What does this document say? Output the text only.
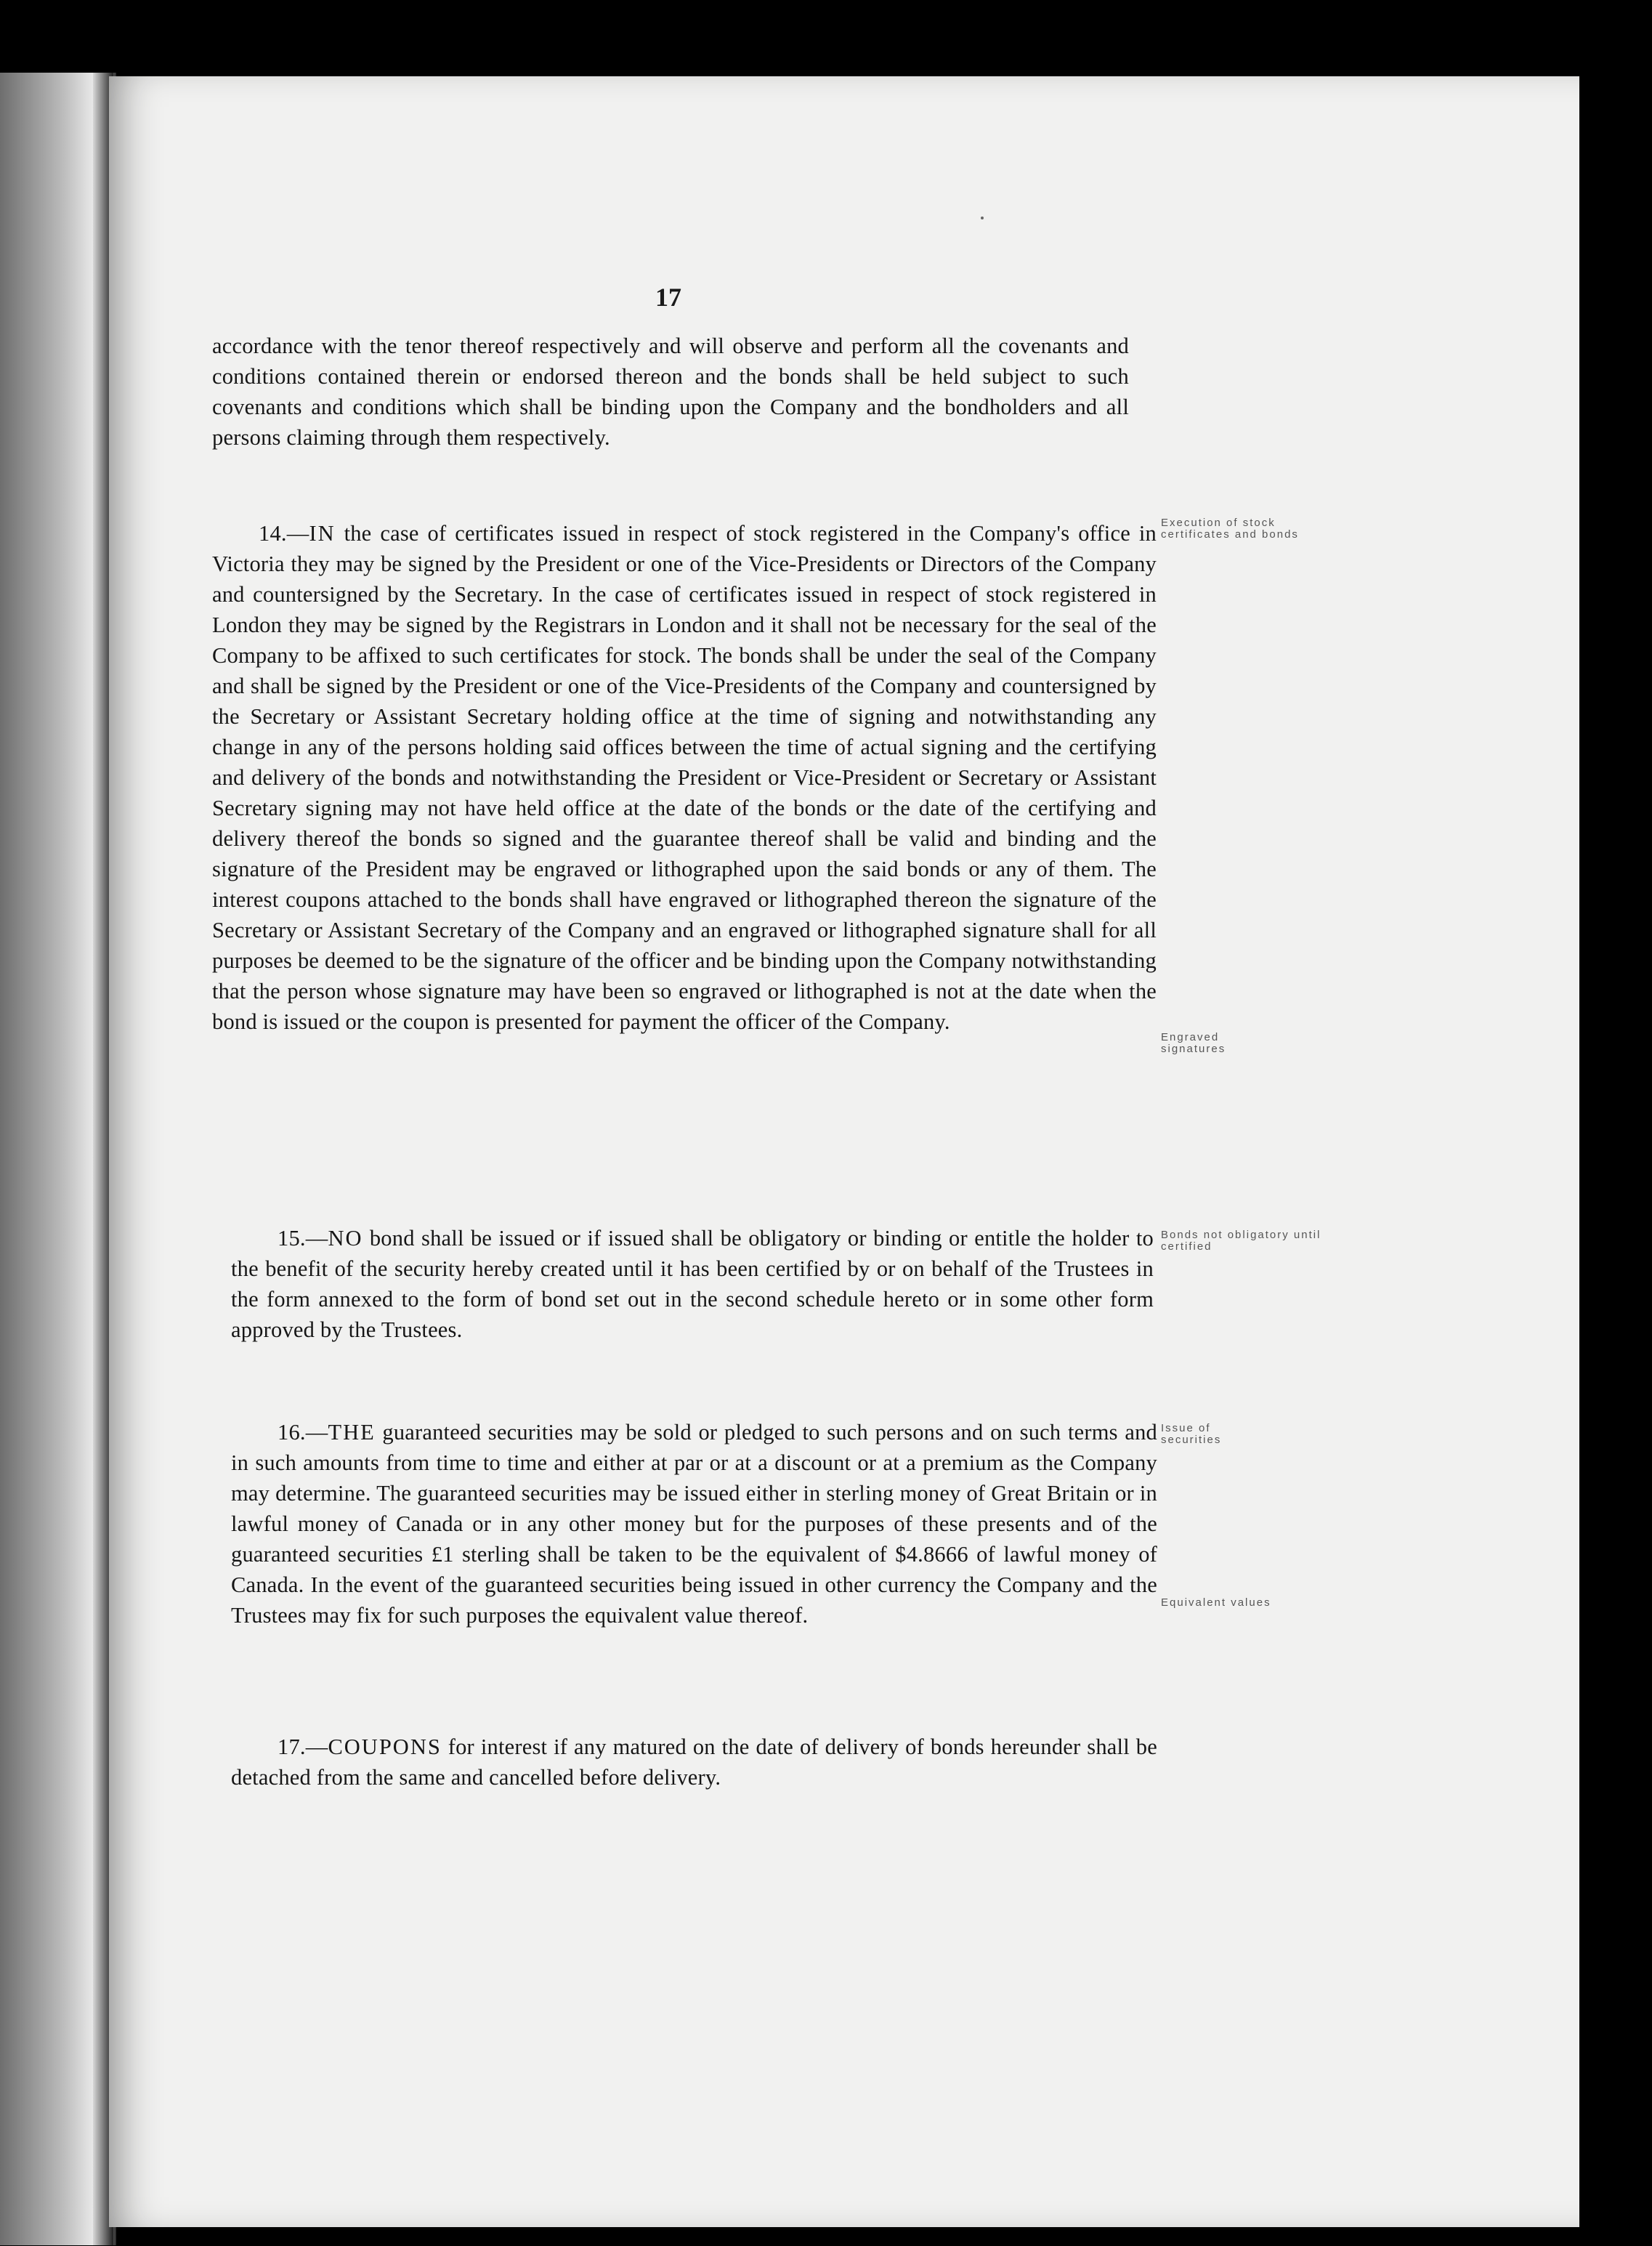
17
accordance with the tenor thereof respectively and will observe and perform all the covenants and conditions contained therein or endorsed thereon and the bonds shall be held subject to such covenants and conditions which shall be binding upon the Company and the bondholders and all persons claiming through them respectively.
14.—IN the case of certificates issued in respect of stock registered in the Company's office in Victoria they may be signed by the President or one of the Vice-Presidents or Directors of the Company and countersigned by the Secretary. In the case of certificates issued in respect of stock registered in London they may be signed by the Registrars in London and it shall not be necessary for the seal of the Company to be affixed to such certificates for stock. The bonds shall be under the seal of the Company and shall be signed by the President or one of the Vice-Presidents of the Company and countersigned by the Secretary or Assistant Secretary holding office at the time of signing and notwithstanding any change in any of the persons holding said offices between the time of actual signing and the certifying and delivery of the bonds and notwithstanding the President or Vice-President or Secretary or Assistant Secretary signing may not have held office at the date of the bonds or the date of the certifying and delivery thereof the bonds so signed and the guarantee thereof shall be valid and binding and the signature of the President may be engraved or lithographed upon the said bonds or any of them. The interest coupons attached to the bonds shall have engraved or lithographed thereon the signature of the Secretary or Assistant Secretary of the Company and an engraved or lithographed signature shall for all purposes be deemed to be the signature of the officer and be binding upon the Company notwithstanding that the person whose signature may have been so engraved or lithographed is not at the date when the bond is issued or the coupon is presented for payment the officer of the Company.
15.—NO bond shall be issued or if issued shall be obligatory or binding or entitle the holder to the benefit of the security hereby created until it has been certified by or on behalf of the Trustees in the form annexed to the form of bond set out in the second schedule hereto or in some other form approved by the Trustees.
16.—THE guaranteed securities may be sold or pledged to such persons and on such terms and in such amounts from time to time and either at par or at a discount or at a premium as the Company may determine. The guaranteed securities may be issued either in sterling money of Great Britain or in lawful money of Canada or in any other money but for the purposes of these presents and of the guaranteed securities £1 sterling shall be taken to be the equivalent of $4.8666 of lawful money of Canada. In the event of the guaranteed securities being issued in other currency the Company and the Trustees may fix for such purposes the equivalent value thereof.
17.—COUPONS for interest if any matured on the date of delivery of bonds hereunder shall be detached from the same and cancelled before delivery.
Execution of stock certificates and bonds
Engraved signatures
Bonds not obligatory until certified
Issue of securities
Equivalent values
